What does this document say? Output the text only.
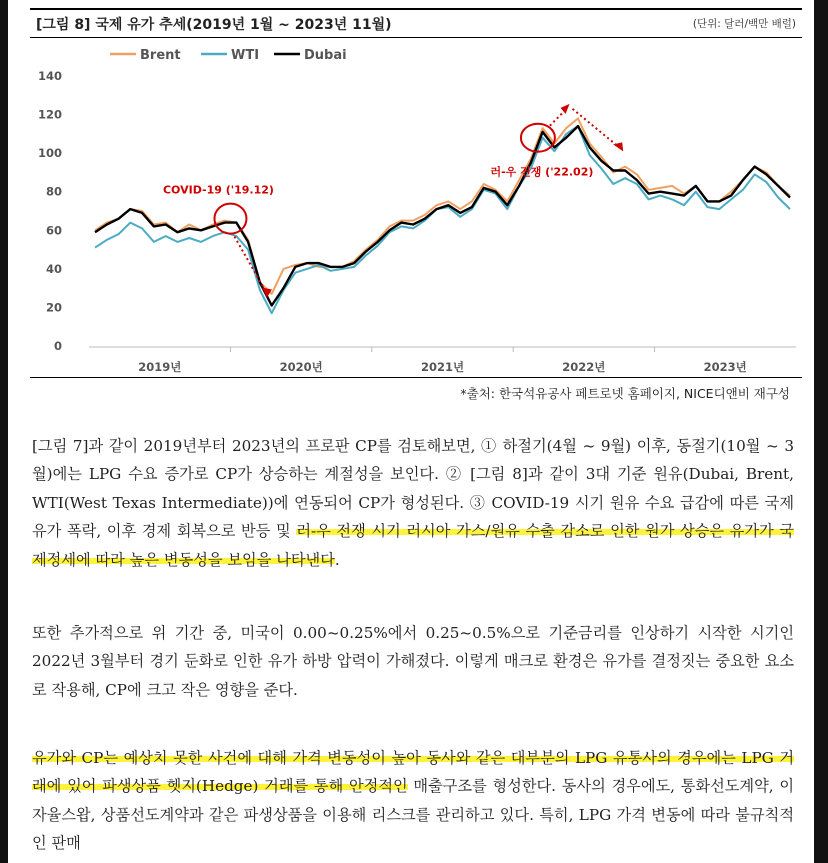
[그림 8] 국제 유가 추세(2019년 1월 ~ 2023년 11월)	(단위: 달러/백만 배럴)
Brent	WTI	Dubai
140
120
100
80
60
40
20
0
2019년	2020년	2021년	2022년	2023년
COVID-19 ('19.12)
러-우 전쟁 ('22.02)
*출처: 한국석유공사 페트로넷 홈페이지, NICE디앤비 재구성

[그림 7]과 같이 2019년부터 2023년의 프로판 CP를 검토해보면, ① 하절기(4월 ~ 9월) 이후, 동절기(10월 ~ 3월)에는 LPG 수요 증가로 CP가 상승하는 계절성을 보인다. ② [그림 8]과 같이 3대 기준 원유(Dubai, Brent, WTI(West Texas Intermediate))에 연동되어 CP가 형성된다. ③ COVID-19 시기 원유 수요 급감에 따른 국제 유가 폭락, 이후 경제 회복으로 반등 및 러-우 전쟁 시기 러시아 가스/원유 수출 감소로 인한 원가 상승은 유가가 국제정세에 따라 높은 변동성을 보임을 나타낸다.

또한 추가적으로 위 기간 중, 미국이 0.00~0.25%에서 0.25~0.5%으로 기준금리를 인상하기 시작한 시기인 2022년 3월부터 경기 둔화로 인한 유가 하방 압력이 가해졌다. 이렇게 매크로 환경은 유가를 결정짓는 중요한 요소로 작용해, CP에 크고 작은 영향을 준다.

유가와 CP는 예상치 못한 사건에 대해 가격 변동성이 높아 동사와 같은 대부분의 LPG 유통사의 경우에는 LPG 거래에 있어 파생상품 헷지(Hedge) 거래를 통해 안정적인 매출구조를 형성한다. 동사의 경우에도, 통화선도계약, 이자율스왑, 상품선도계약과 같은 파생상품을 이용해 리스크를 관리하고 있다. 특히, LPG 가격 변동에 따라 불규칙적인 판매
